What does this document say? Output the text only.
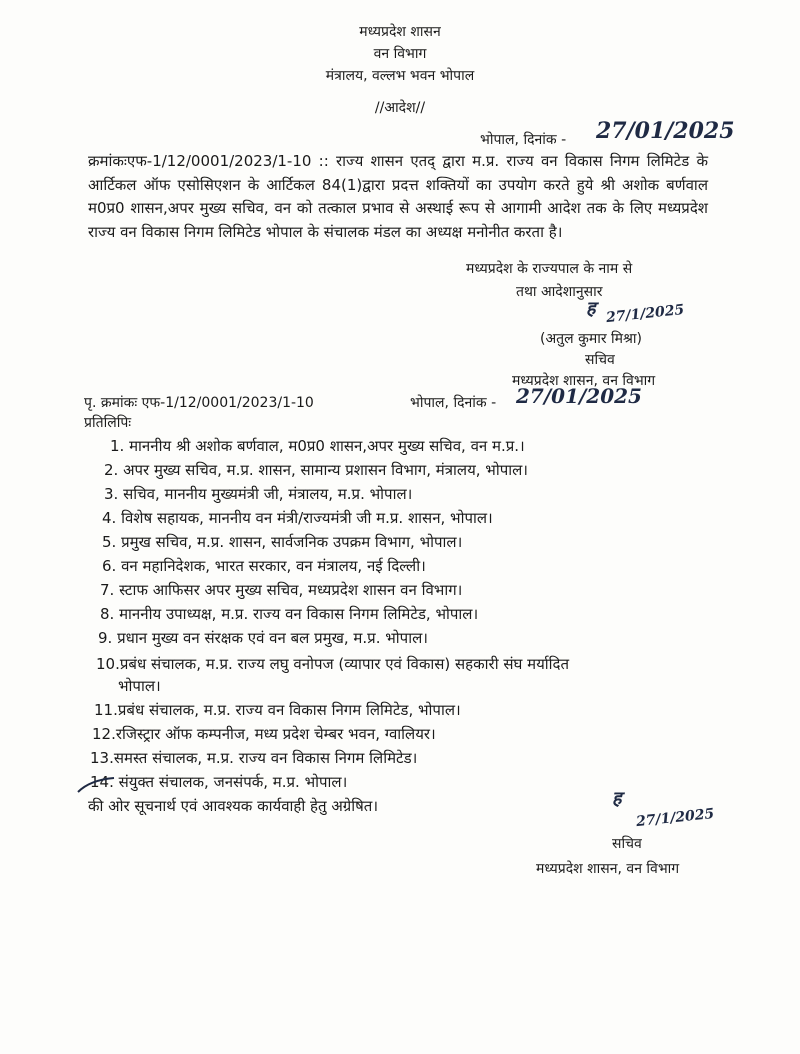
मध्यप्रदेश शासन
वन विभाग
मंत्रालय, वल्लभ भवन भोपाल
//आदेश//
भोपाल, दिनांक - 27/01/2025
क्रमांकःएफ-1/12/0001/2023/1-10 :: राज्य शासन एतद् द्वारा म.प्र. राज्य वन विकास निगम लिमिटेड के आर्टिकल ऑफ एसोसिएशन के आर्टिकल 84(1)द्वारा प्रदत्त शक्तियों का उपयोग करते हुये श्री अशोक बर्णवाल म0प्र0 शासन,अपर मुख्य सचिव, वन को तत्काल प्रभाव से अस्थाई रूप से आगामी आदेश तक के लिए मध्यप्रदेश राज्य वन विकास निगम लिमिटेड भोपाल के संचालक मंडल का अध्यक्ष मनोनीत करता है।
मध्यप्रदेश के राज्यपाल के नाम से
तथा आदेशानुसार
ह 27/1/2025
(अतुल कुमार मिश्रा)
सचिव
मध्यप्रदेश शासन, वन विभाग
पृ. क्रमांकः एफ-1/12/0001/2023/1-10	भोपाल, दिनांक - 27/01/2025
प्रतिलिपिः
1. माननीय श्री अशोक बर्णवाल, म0प्र0 शासन,अपर मुख्य सचिव, वन म.प्र.।
2. अपर मुख्य सचिव, म.प्र. शासन, सामान्य प्रशासन विभाग, मंत्रालय, भोपाल।
3. सचिव, माननीय मुख्यमंत्री जी, मंत्रालय, म.प्र. भोपाल।
4. विशेष सहायक, माननीय वन मंत्री/राज्यमंत्री जी म.प्र. शासन, भोपाल।
5. प्रमुख सचिव, म.प्र. शासन, सार्वजनिक उपक्रम विभाग, भोपाल।
6. वन महानिदेशक, भारत सरकार, वन मंत्रालय, नई दिल्ली।
7. स्टाफ आफिसर अपर मुख्य सचिव, मध्यप्रदेश शासन वन विभाग।
8. माननीय उपाध्यक्ष, म.प्र. राज्य वन विकास निगम लिमिटेड, भोपाल।
9. प्रधान मुख्य वन संरक्षक एवं वन बल प्रमुख, म.प्र. भोपाल।
10.प्रबंध संचालक, म.प्र. राज्य लघु वनोपज (व्यापार एवं विकास) सहकारी संघ मर्यादित
भोपाल।
11.प्रबंध संचालक, म.प्र. राज्य वन विकास निगम लिमिटेड, भोपाल।
12.रजिस्ट्रार ऑफ कम्पनीज, मध्य प्रदेश चेम्बर भवन, ग्वालियर।
13.समस्त संचालक, म.प्र. राज्य वन विकास निगम लिमिटेड।
14. संयुक्त संचालक, जनसंपर्क, म.प्र. भोपाल।
की ओर सूचनार्थ एवं आवश्यक कार्यवाही हेतु अग्रेषित।	ह
27/1/2025
सचिव
मध्यप्रदेश शासन, वन विभाग
